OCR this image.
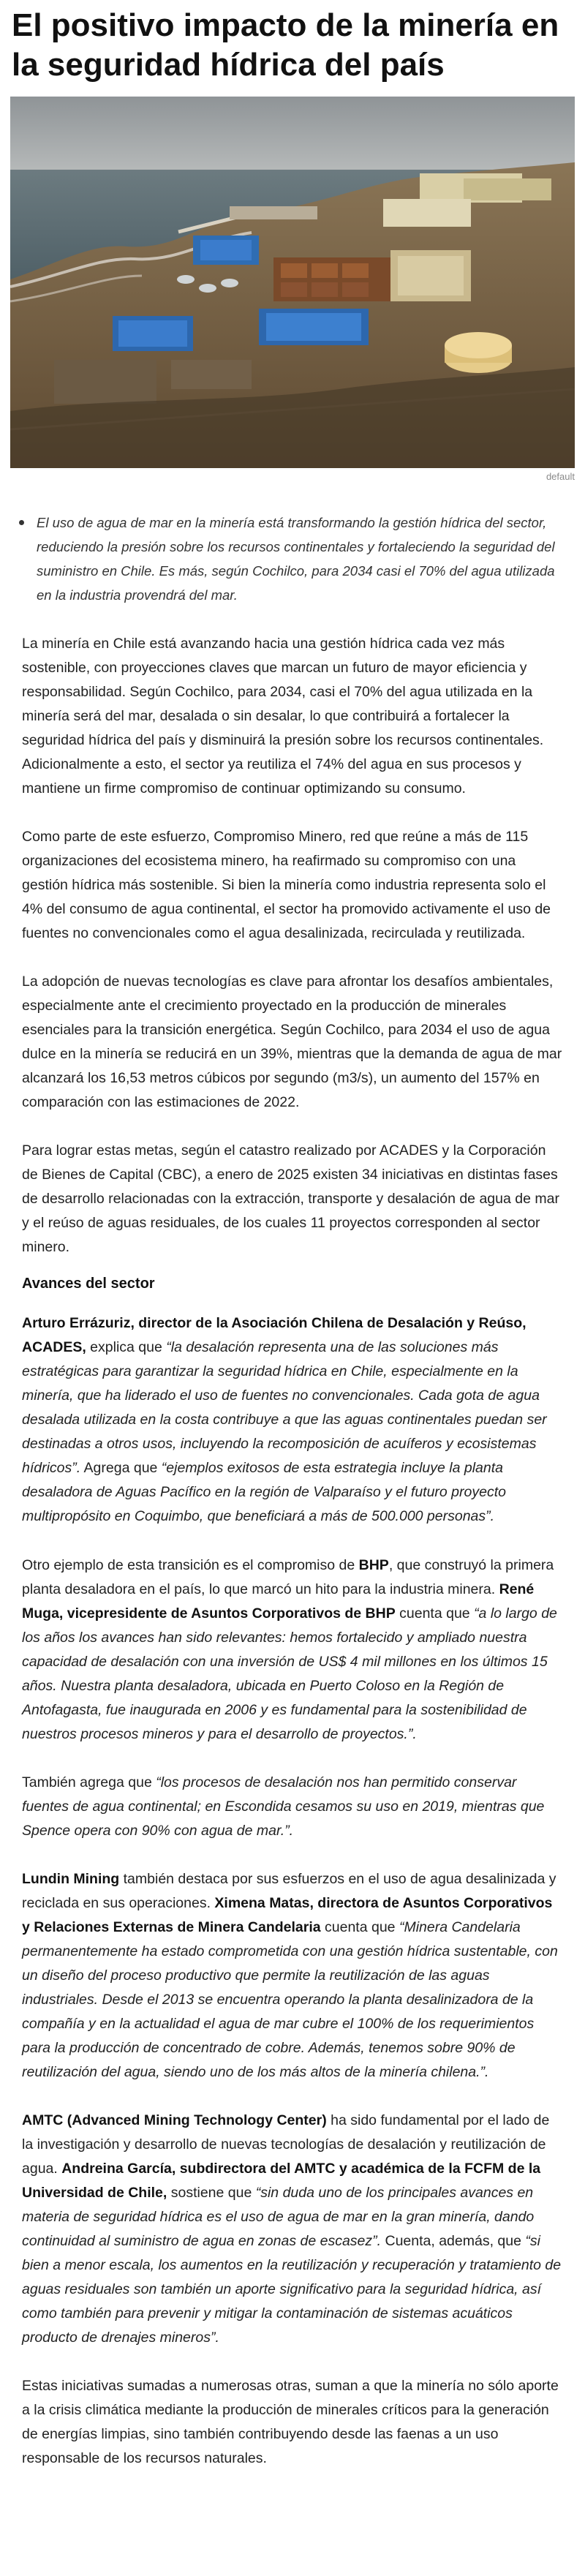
El positivo impacto de la minería en
la seguridad hídrica del país
default
El uso de agua de mar en la minería está transformando la gestión hídrica del sector, reduciendo la presión sobre los recursos continentales y fortaleciendo la seguridad del suministro en Chile. Es más, según Cochilco, para 2034 casi el 70% del agua utilizada en la industria provendrá del mar.

La minería en Chile está avanzando hacia una gestión hídrica cada vez más sostenible, con proyecciones claves que marcan un futuro de mayor eficiencia y responsabilidad. Según Cochilco, para 2034, casi el 70% del agua utilizada en la minería será del mar, desalada o sin desalar, lo que contribuirá a fortalecer la seguridad hídrica del país y disminuirá la presión sobre los recursos continentales. Adicionalmente a esto, el sector ya reutiliza el 74% del agua en sus procesos y mantiene un firme compromiso de continuar optimizando su consumo.

Como parte de este esfuerzo, Compromiso Minero, red que reúne a más de 115 organizaciones del ecosistema minero, ha reafirmado su compromiso con una gestión hídrica más sostenible. Si bien la minería como industria representa solo el 4% del consumo de agua continental, el sector ha promovido activamente el uso de fuentes no convencionales como el agua desalinizada, recirculada y reutilizada.

La adopción de nuevas tecnologías es clave para afrontar los desafíos ambientales, especialmente ante el crecimiento proyectado en la producción de minerales esenciales para la transición energética. Según Cochilco, para 2034 el uso de agua dulce en la minería se reducirá en un 39%, mientras que la demanda de agua de mar alcanzará los 16,53 metros cúbicos por segundo (m3/s), un aumento del 157% en comparación con las estimaciones de 2022.

Para lograr estas metas, según el catastro realizado por ACADES y la Corporación de Bienes de Capital (CBC), a enero de 2025 existen 34 iniciativas en distintas fases de desarrollo relacionadas con la extracción, transporte y desalación de agua de mar y el reúso de aguas residuales, de los cuales 11 proyectos corresponden al sector minero.

Avances del sector

Arturo Errázuriz, director de la Asociación Chilena de Desalación y Reúso, ACADES, explica que “la desalación representa una de las soluciones más estratégicas para garantizar la seguridad hídrica en Chile, especialmente en la minería, que ha liderado el uso de fuentes no convencionales. Cada gota de agua desalada utilizada en la costa contribuye a que las aguas continentales puedan ser destinadas a otros usos, incluyendo la recomposición de acuíferos y ecosistemas hídricos”. Agrega que “ejemplos exitosos de esta estrategia incluye la planta desaladora de Aguas Pacífico en la región de Valparaíso y el futuro proyecto multipropósito en Coquimbo, que beneficiará a más de 500.000 personas”.

Otro ejemplo de esta transición es el compromiso de BHP, que construyó la primera planta desaladora en el país, lo que marcó un hito para la industria minera. René Muga, vicepresidente de Asuntos Corporativos de BHP cuenta que “a lo largo de los años los avances han sido relevantes: hemos fortalecido y ampliado nuestra capacidad de desalación con una inversión de US$ 4 mil millones en los últimos 15 años. Nuestra planta desaladora, ubicada en Puerto Coloso en la Región de Antofagasta, fue inaugurada en 2006 y es fundamental para la sostenibilidad de nuestros procesos mineros y para el desarrollo de proyectos.”.

También agrega que “los procesos de desalación nos han permitido conservar fuentes de agua continental; en Escondida cesamos su uso en 2019, mientras que Spence opera con 90% con agua de mar.”.

Lundin Mining también destaca por sus esfuerzos en el uso de agua desalinizada y reciclada en sus operaciones. Ximena Matas, directora de Asuntos Corporativos y Relaciones Externas de Minera Candelaria cuenta que “Minera Candelaria permanentemente ha estado comprometida con una gestión hídrica sustentable, con un diseño del proceso productivo que permite la reutilización de las aguas industriales. Desde el 2013 se encuentra operando la planta desalinizadora de la compañía y en la actualidad el agua de mar cubre el 100% de los requerimientos para la producción de concentrado de cobre. Además, tenemos sobre 90% de reutilización del agua, siendo uno de los más altos de la minería chilena.”.

AMTC (Advanced Mining Technology Center) ha sido fundamental por el lado de la investigación y desarrollo de nuevas tecnologías de desalación y reutilización de agua. Andreina García, subdirectora del AMTC y académica de la FCFM de la Universidad de Chile, sostiene que “sin duda uno de los principales avances en materia de seguridad hídrica es el uso de agua de mar en la gran minería, dando continuidad al suministro de agua en zonas de escasez”. Cuenta, además, que “si bien a menor escala, los aumentos en la reutilización y recuperación y tratamiento de aguas residuales son también un aporte significativo para la seguridad hídrica, así como también para prevenir y mitigar la contaminación de sistemas acuáticos producto de drenajes mineros”.

Estas iniciativas sumadas a numerosas otras, suman a que la minería no sólo aporte a la crisis climática mediante la producción de minerales críticos para la generación de energías limpias, sino también contribuyendo desde las faenas a un uso responsable de los recursos naturales.
